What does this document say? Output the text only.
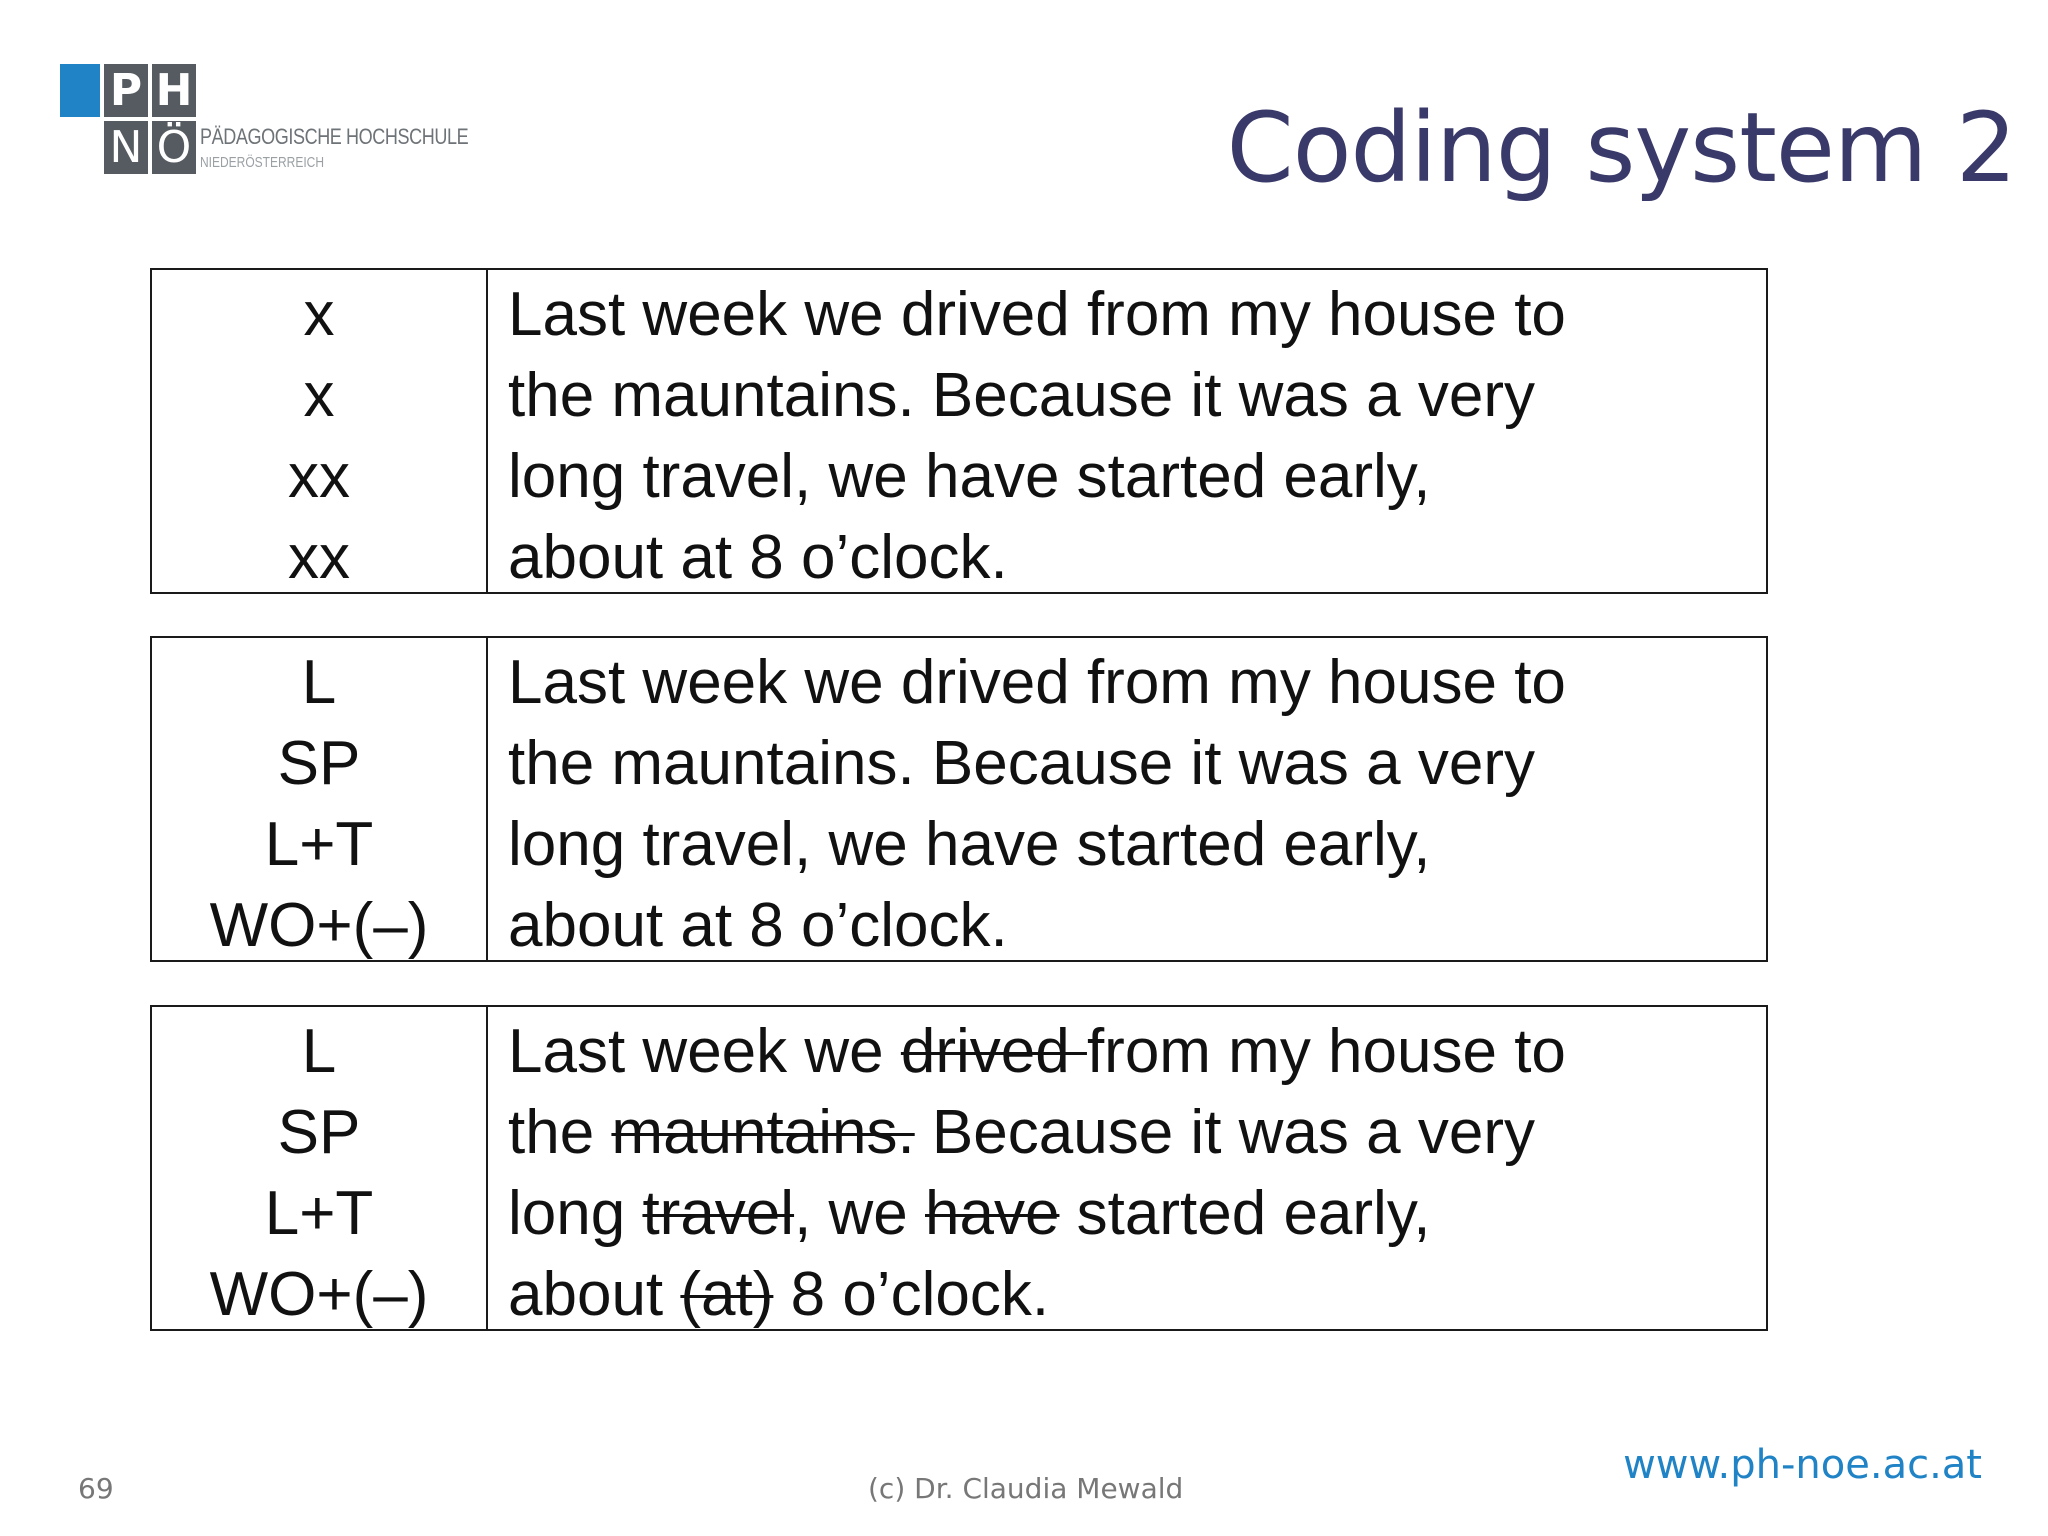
P H
N Ö PÄDAGOGISCHE HOCHSCHULE
NIEDERÖSTERREICH	Coding system 2
x
x
xx
xx
Last week we drived from my house to
the mauntains. Because it was a very
long travel, we have started early,
about at 8 o’clock.
L
SP
L+T
WO+(–)
Last week we drived from my house to
the mauntains. Because it was a very
long travel, we have started early,
about at 8 o’clock.
L
SP
L+T
WO+(–)
Last week we drived from my house to
the mauntains. Because it was a very
long travel, we have started early,
about (at) 8 o’clock.
69	(c) Dr. Claudia Mewald
www.ph-noe.ac.at
